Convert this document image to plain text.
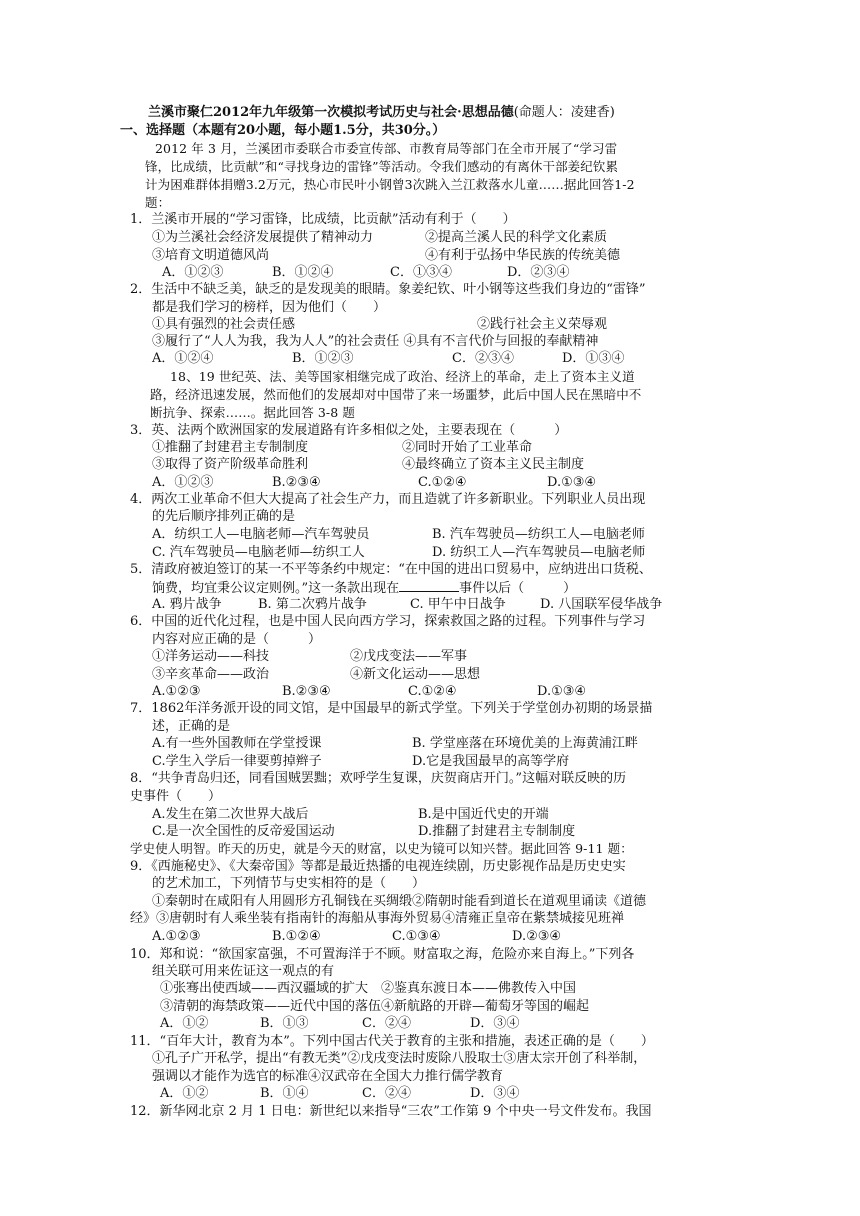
兰溪市聚仁2012年九年级第一次模拟考试历史与社会·思想品德(命题人：凌建香)
一、选择题（本题有20小题，每小题1.5分，共30分。）
2012 年 3 月，兰溪团市委联合市委宣传部、市教育局等部门在全市开展了“学习雷
锋，比成绩，比贡献”和“寻找身边的雷锋”等活动。令我们感动的有离休干部姜纪钦累
计为困难群体捐赠3.2万元，热心市民叶小钢曾3次跳入兰江救落水儿童……据此回答1-2
题：
1．兰溪市开展的“学习雷锋，比成绩，比贡献”活动有利于（　　）
①为兰溪社会经济发展提供了精神动力	②提高兰溪人民的科学文化素质
③培育文明道德风尚	④有利于弘扬中华民族的传统美德
A．①②③	B．①②④	C．①③④	D．②③④
2．生活中不缺乏美，缺乏的是发现美的眼睛。象姜纪钦、叶小钢等这些我们身边的“雷锋”
都是我们学习的榜样，因为他们（　　）
①具有强烈的社会责任感	②践行社会主义荣辱观
③履行了“人人为我，我为人人”的社会责任 ④具有不言代价与回报的奉献精神
A．①②④	B．①②③	C．②③④	D．①③④
18、19 世纪英、法、美等国家相继完成了政治、经济上的革命，走上了资本主义道
路，经济迅速发展，然而他们的发展却对中国带了来一场噩梦，此后中国人民在黑暗中不
断抗争、探索……。据此回答 3-8 题
3．英、法两个欧洲国家的发展道路有许多相似之处，主要表现在（　　　）
①推翻了封建君主专制制度	②同时开始了工业革命
③取得了资产阶级革命胜利	④最终确立了资本主义民主制度
A．①②③	B.②③④	C.①②④	D.①③④
4．两次工业革命不但大大提高了社会生产力，而且造就了许多新职业。下列职业人员出现
的先后顺序排列正确的是
A．纺织工人—电脑老师—汽车驾驶员	B. 汽车驾驶员—纺织工人—电脑老师
C. 汽车驾驶员—电脑老师—纺织工人	D. 纺织工人—汽车驾驶员—电脑老师
5．清政府被迫签订的某一不平等条约中规定：“在中国的进出口贸易中，应纳进出口货税、
饷费，均宜秉公议定则例。”这一条款出现在	事件以后（　　　）
A. 鸦片战争	B. 第二次鸦片战争	C. 甲午中日战争	D. 八国联军侵华战争
6．中国的近代化过程，也是中国人民向西方学习，探索救国之路的过程。下列事件与学习
内容对应正确的是（　　　）
①洋务运动——科技	②戊戌变法——军事
③辛亥革命——政治	④新文化运动——思想
A.①②③	B.②③④	C.①②④	D.①③④
7．1862年洋务派开设的同文馆，是中国最早的新式学堂。下列关于学堂创办初期的场景描
述，正确的是
A.有一些外国教师在学堂授课	B. 学堂座落在环境优美的上海黄浦江畔
C.学生入学后一律要剪掉辫子	D.它是我国最早的高等学府
8．“共争青岛归还，同看国贼罢黜；欢呼学生复课，庆贺商店开门。”这幅对联反映的历
史事件（　　）
A.发生在第二次世界大战后	B.是中国近代史的开端
C.是一次全国性的反帝爱国运动	D.推翻了封建君主专制制度
学史使人明智。昨天的历史，就是今天的财富，以史为镜可以知兴替。据此回答 9-11 题：
9．《西施秘史》、《大秦帝国》等都是最近热播的电视连续剧，历史影视作品是历史史实
的艺术加工，下列情节与史实相符的是（　　）
①秦朝时在咸阳有人用圆形方孔铜钱在买绸缎②隋朝时能看到道长在道观里诵读《道德
经》③唐朝时有人乘坐装有指南针的海船从事海外贸易④清雍正皇帝在紫禁城接见班禅
A.①②③	B.①②④	C.①③④	D.②③④
10．郑和说：“欲国家富强，不可置海洋于不顾。财富取之海，危险亦来自海上。”下列各
组关联可用来佐证这一观点的有
①张骞出使西域——西汉疆域的扩大　②鉴真东渡日本——佛教传入中国
③清朝的海禁政策——近代中国的落伍④新航路的开辟—葡萄牙等国的崛起
A．①②	B．①③	C．②④	D．③④
11．“百年大计，教育为本”。下列中国古代关于教育的主张和措施，表述正确的是（　　）
①孔子广开私学，提出“有教无类”②戊戌变法时废除八股取士③唐太宗开创了科举制，
强调以才能作为选官的标准④汉武帝在全国大力推行儒学教育
A．①②	B．①④	C．②④	D．③④
12．新华网北京 2 月 1 日电：新世纪以来指导“三农”工作第 9 个中央一号文件发布。我国
